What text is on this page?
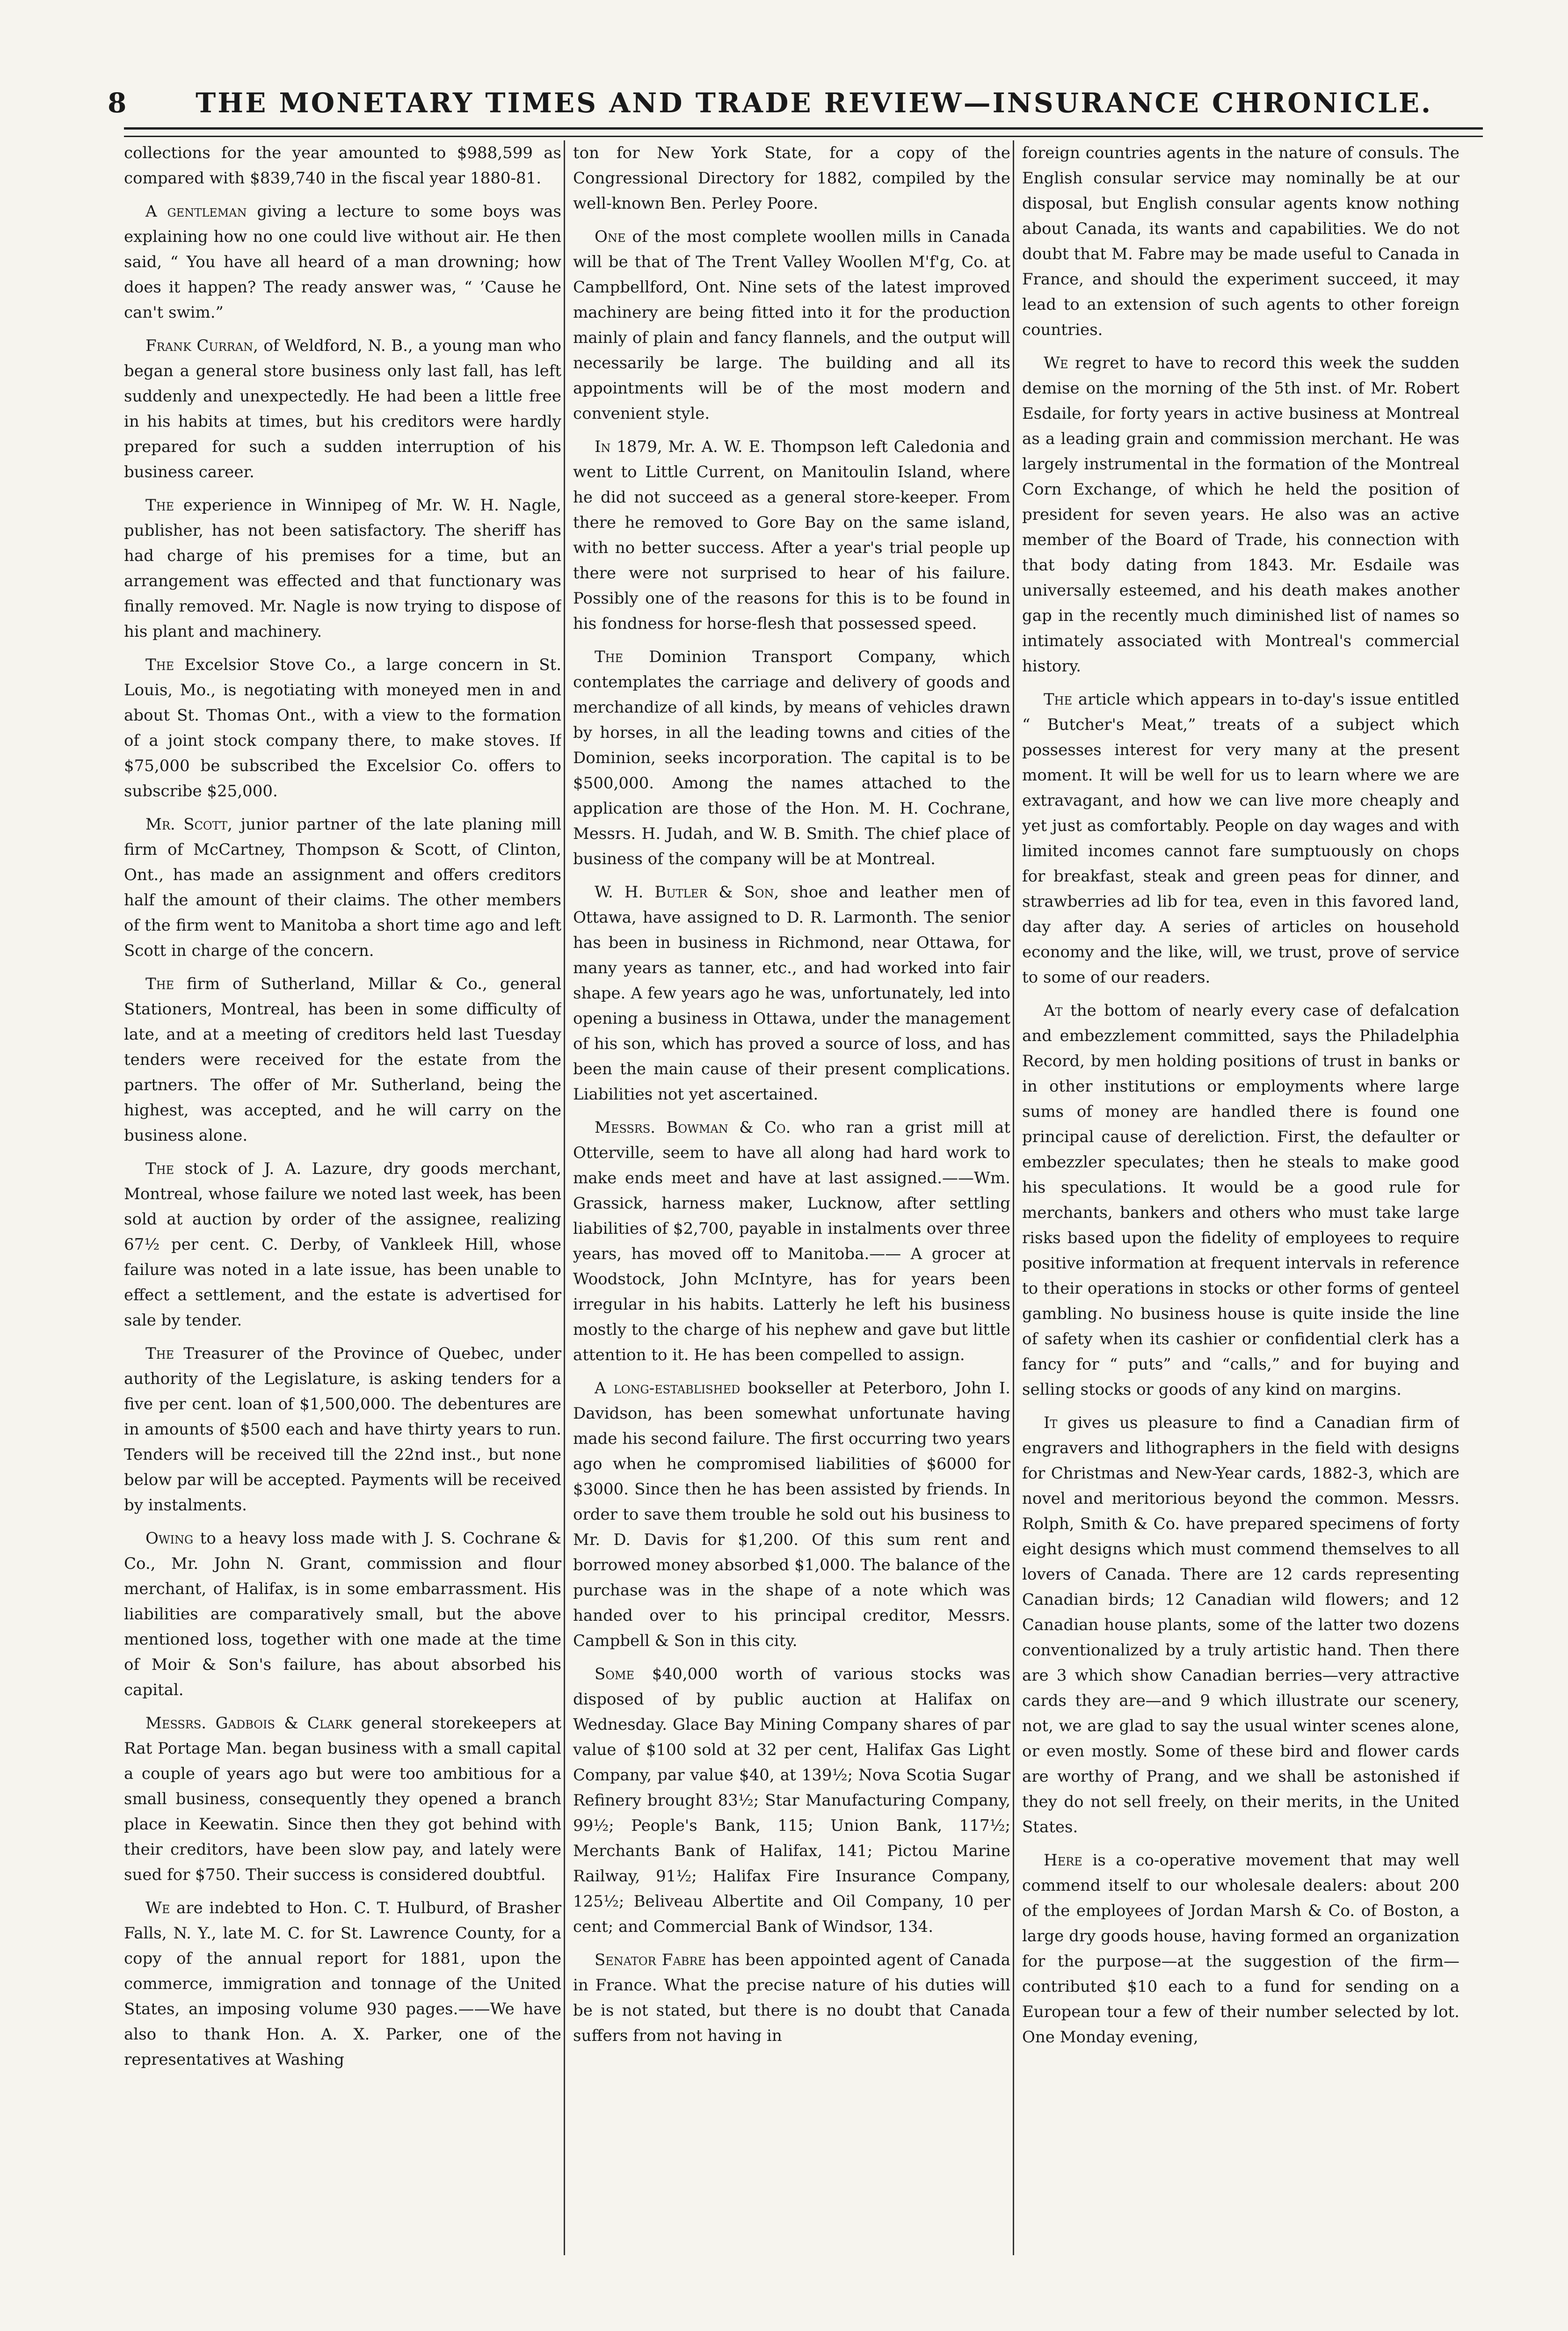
8	THE MONETARY TIMES AND TRADE REVIEW—INSURANCE CHRONICLE.

collections for the year amounted to $988,599 as compared with $839,740 in the fiscal year 1880-81.

A gentleman giving a lecture to some boys was explaining how no one could live without air. He then said, “ You have all heard of a man drowning; how does it happen? The ready answer was, “ ’Cause he can't swim.”

Frank Curran, of Weldford, N. B., a young man who began a general store business only last fall, has left suddenly and unexpectedly. He had been a little free in his habits at times, but his creditors were hardly prepared for such a sudden interruption of his business career.

The experience in Winnipeg of Mr. W. H. Nagle, publisher, has not been satisfactory. The sheriff has had charge of his premises for a time, but an arrangement was effected and that functionary was finally removed. Mr. Nagle is now trying to dispose of his plant and machinery.

The Excelsior Stove Co., a large concern in St. Louis, Mo., is negotiating with moneyed men in and about St. Thomas Ont., with a view to the formation of a joint stock company there, to make stoves. If $75,000 be subscribed the Excelsior Co. offers to subscribe $25,000.

Mr. Scott, junior partner of the late planing mill firm of McCartney, Thompson & Scott, of Clinton, Ont., has made an assignment and offers creditors half the amount of their claims. The other members of the firm went to Manitoba a short time ago and left Scott in charge of the concern.

The firm of Sutherland, Millar & Co., general Stationers, Montreal, has been in some difficulty of late, and at a meeting of creditors held last Tuesday tenders were received for the estate from the partners. The offer of Mr. Sutherland, being the highest, was accepted, and he will carry on the business alone.

The stock of J. A. Lazure, dry goods merchant, Montreal, whose failure we noted last week, has been sold at auction by order of the assignee, realizing 67½ per cent. C. Derby, of Vankleek Hill, whose failure was noted in a late issue, has been unable to effect a settlement, and the estate is advertised for sale by tender.

The Treasurer of the Province of Quebec, under authority of the Legislature, is asking tenders for a five per cent. loan of $1,500,000. The debentures are in amounts of $500 each and have thirty years to run. Tenders will be received till the 22nd inst., but none below par will be accepted. Payments will be received by instalments.

Owing to a heavy loss made with J. S. Cochrane & Co., Mr. John N. Grant, commission and flour merchant, of Halifax, is in some embarrassment. His liabilities are comparatively small, but the above mentioned loss, together with one made at the time of Moir & Son's failure, has about absorbed his capital.

Messrs. Gadbois & Clark general storekeepers at Rat Portage Man. began business with a small capital a couple of years ago but were too ambitious for a small business, consequently they opened a branch place in Keewatin. Since then they got behind with their creditors, have been slow pay, and lately were sued for $750. Their success is considered doubtful.

We are indebted to Hon. C. T. Hulburd, of Brasher Falls, N. Y., late M. C. for St. Lawrence County, for a copy of the annual report for 1881, upon the commerce, immigration and tonnage of the United States, an imposing volume 930 pages.——We have also to thank Hon. A. X. Parker, one of the representatives at Washing

ton for New York State, for a copy of the Congressional Directory for 1882, compiled by the well-known Ben. Perley Poore.

One of the most complete woollen mills in Canada will be that of The Trent Valley Woollen M'f'g, Co. at Campbellford, Ont. Nine sets of the latest improved machinery are being fitted into it for the production mainly of plain and fancy flannels, and the output will necessarily be large. The building and all its appointments will be of the most modern and convenient style.

In 1879, Mr. A. W. E. Thompson left Caledonia and went to Little Current, on Manitoulin Island, where he did not succeed as a general store-keeper. From there he removed to Gore Bay on the same island, with no better success. After a year's trial people up there were not surprised to hear of his failure. Possibly one of the reasons for this is to be found in his fondness for horse-flesh that possessed speed.

The Dominion Transport Company, which contemplates the carriage and delivery of goods and merchandize of all kinds, by means of vehicles drawn by horses, in all the leading towns and cities of the Dominion, seeks incorporation. The capital is to be $500,000. Among the names attached to the application are those of the Hon. M. H. Cochrane, Messrs. H. Judah, and W. B. Smith. The chief place of business of the company will be at Montreal.

W. H. Butler & Son, shoe and leather men of Ottawa, have assigned to D. R. Larmonth. The senior has been in business in Richmond, near Ottawa, for many years as tanner, etc., and had worked into fair shape. A few years ago he was, unfortunately, led into opening a business in Ottawa, under the management of his son, which has proved a source of loss, and has been the main cause of their present complications. Liabilities not yet ascertained.

Messrs. Bowman & Co. who ran a grist mill at Otterville, seem to have all along had hard work to make ends meet and have at last assigned.——Wm. Grassick, harness maker, Lucknow, after settling liabilities of $2,700, payable in instalments over three years, has moved off to Manitoba.—— A grocer at Woodstock, John McIntyre, has for years been irregular in his habits. Latterly he left his business mostly to the charge of his nephew and gave but little attention to it. He has been compelled to assign.

A long-established bookseller at Peterboro, John I. Davidson, has been somewhat unfortunate having made his second failure. The first occurring two years ago when he compromised liabilities of $6000 for $3000. Since then he has been assisted by friends. In order to save them trouble he sold out his business to Mr. D. Davis for $1,200. Of this sum rent and borrowed money absorbed $1,000. The balance of the purchase was in the shape of a note which was handed over to his principal creditor, Messrs. Campbell & Son in this city.

Some $40,000 worth of various stocks was disposed of by public auction at Halifax on Wednesday. Glace Bay Mining Company shares of par value of $100 sold at 32 per cent, Halifax Gas Light Company, par value $40, at 139½; Nova Scotia Sugar Refinery brought 83½; Star Manufacturing Company, 99½; People's Bank, 115; Union Bank, 117½; Merchants Bank of Halifax, 141; Pictou Marine Railway, 91½; Halifax Fire Insurance Company, 125½; Beliveau Albertite and Oil Company, 10 per cent; and Commercial Bank of Windsor, 134.

Senator Fabre has been appointed agent of Canada in France. What the precise nature of his duties will be is not stated, but there is no doubt that Canada suffers from not having in

foreign countries agents in the nature of consuls. The English consular service may nominally be at our disposal, but English consular agents know nothing about Canada, its wants and capabilities. We do not doubt that M. Fabre may be made useful to Canada in France, and should the experiment succeed, it may lead to an extension of such agents to other foreign countries.

We regret to have to record this week the sudden demise on the morning of the 5th inst. of Mr. Robert Esdaile, for forty years in active business at Montreal as a leading grain and commission merchant. He was largely instrumental in the formation of the Montreal Corn Exchange, of which he held the position of president for seven years. He also was an active member of the Board of Trade, his connection with that body dating from 1843. Mr. Esdaile was universally esteemed, and his death makes another gap in the recently much diminished list of names so intimately associated with Montreal's commercial history.

The article which appears in to-day's issue entitled “ Butcher's Meat,” treats of a subject which possesses interest for very many at the present moment. It will be well for us to learn where we are extravagant, and how we can live more cheaply and yet just as comfortably. People on day wages and with limited incomes cannot fare sumptuously on chops for breakfast, steak and green peas for dinner, and strawberries ad lib for tea, even in this favored land, day after day. A series of articles on household economy and the like, will, we trust, prove of service to some of our readers.

At the bottom of nearly every case of defalcation and embezzlement committed, says the Philadelphia Record, by men holding positions of trust in banks or in other institutions or employments where large sums of money are handled there is found one principal cause of dereliction. First, the defaulter or embezzler speculates; then he steals to make good his speculations. It would be a good rule for merchants, bankers and others who must take large risks based upon the fidelity of employees to require positive information at frequent intervals in reference to their operations in stocks or other forms of genteel gambling. No business house is quite inside the line of safety when its cashier or confidential clerk has a fancy for “ puts” and “calls,” and for buying and selling stocks or goods of any kind on margins.

It gives us pleasure to find a Canadian firm of engravers and lithographers in the field with designs for Christmas and New-Year cards, 1882-3, which are novel and meritorious beyond the common. Messrs. Rolph, Smith & Co. have prepared specimens of forty eight designs which must commend themselves to all lovers of Canada. There are 12 cards representing Canadian birds; 12 Canadian wild flowers; and 12 Canadian house plants, some of the latter two dozens conventionalized by a truly artistic hand. Then there are 3 which show Canadian berries—very attractive cards they are—and 9 which illustrate our scenery, not, we are glad to say the usual winter scenes alone, or even mostly. Some of these bird and flower cards are worthy of Prang, and we shall be astonished if they do not sell freely, on their merits, in the United States.

Here is a co-operative movement that may well commend itself to our wholesale dealers: about 200 of the employees of Jordan Marsh & Co. of Boston, a large dry goods house, having formed an organization for the purpose—at the suggestion of the firm—contributed $10 each to a fund for sending on a European tour a few of their number selected by lot. One Monday evening,
